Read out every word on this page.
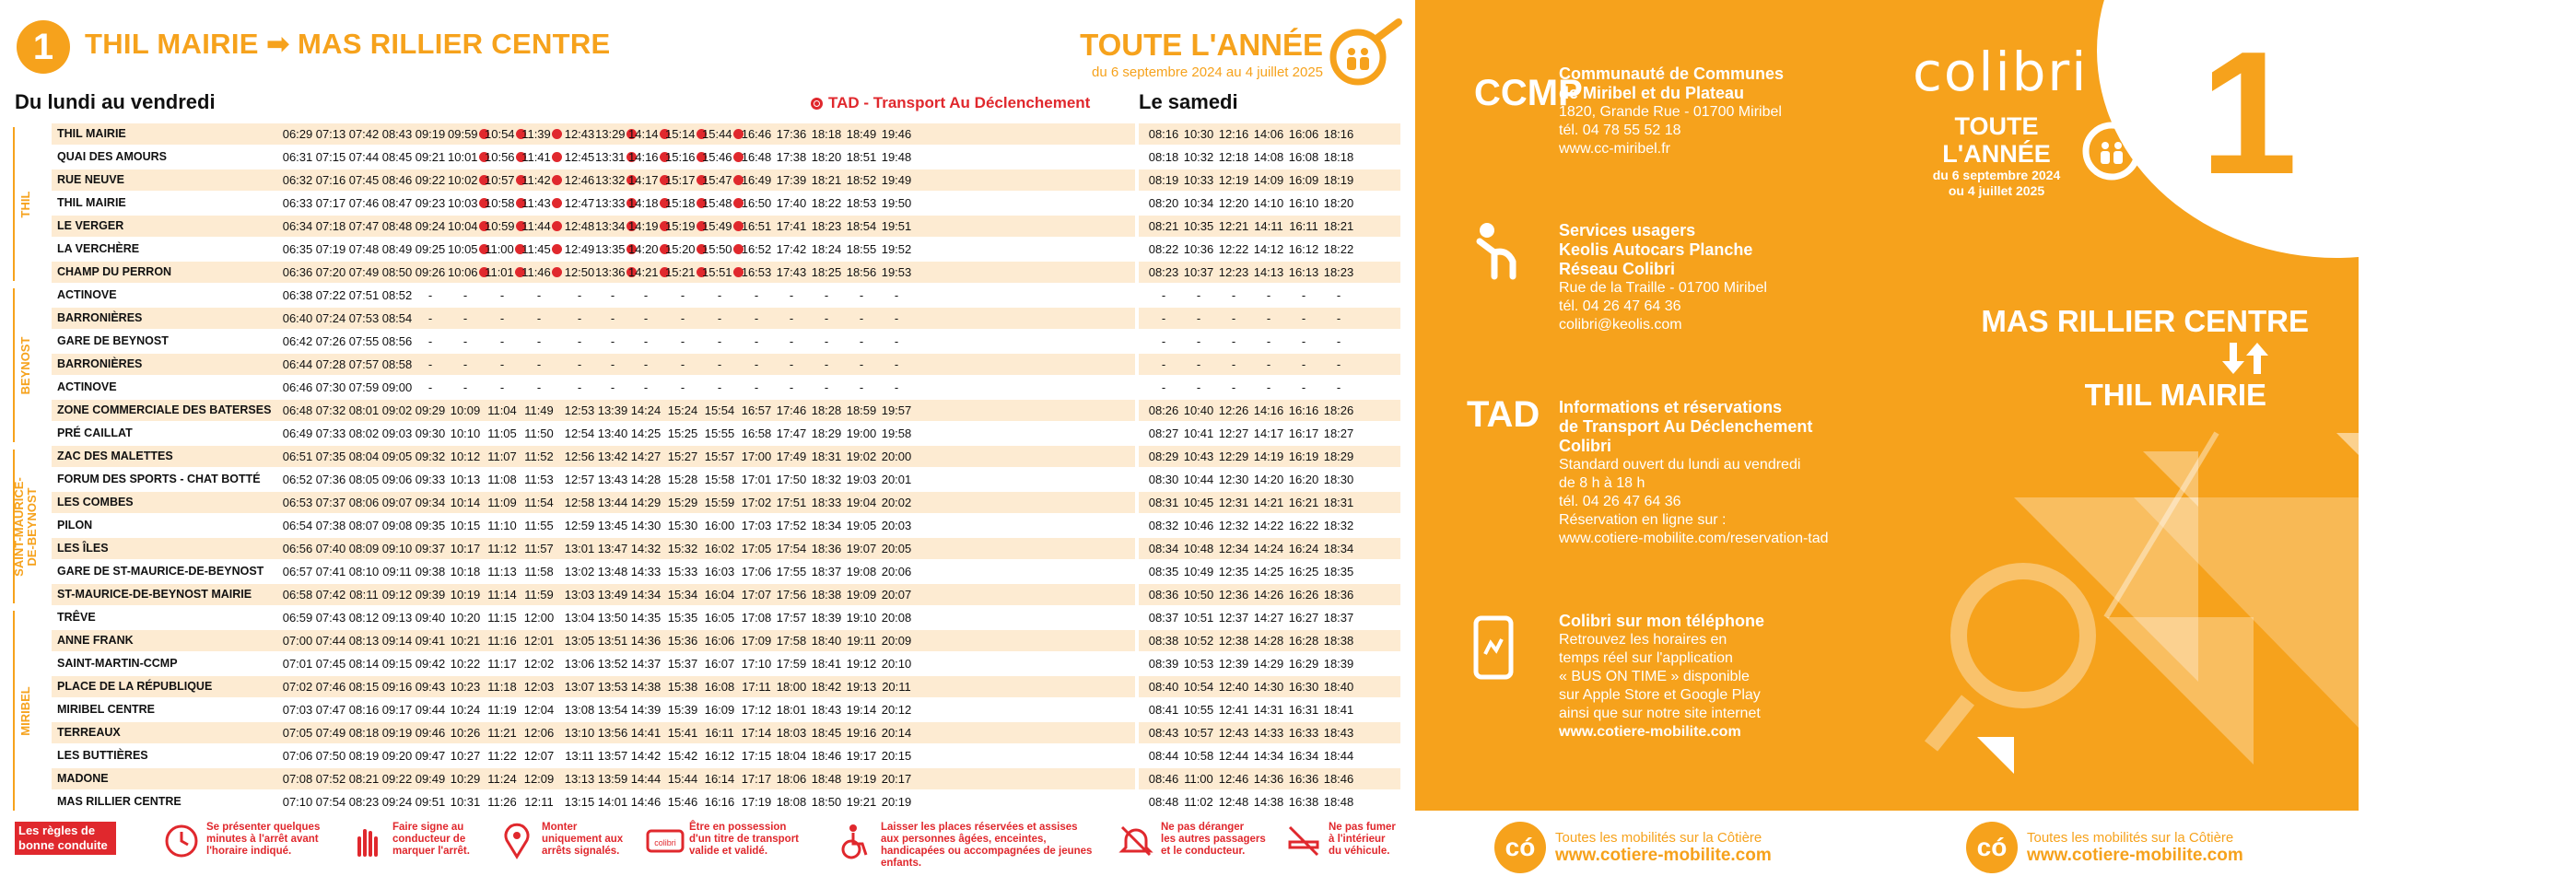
1	THIL MAIRIE ➡ MAS RILLIER CENTRE	TOUTE L'ANNÉE
du 6 septembre 2024 au 4 juillet 2025
Du lundi au vendredi	TAD - Transport Au Déclenchement Le samedi
THIL MAIRIE	06:29 07:13 07:42 08:43 09:19 09:59 10:54 11:39	12:43 13:29 14:14 15:14 15:44 16:46 17:36 18:18 18:49 19:46	08:16 10:30 12:16 14:06 16:06 18:16
QUAI DES AMOURS	06:31 07:15 07:44 08:45 09:21 10:01 10:56 11:41	12:45 13:31 14:16 15:16 15:46 16:48 17:38 18:20 18:51 19:48	08:18 10:32 12:18 14:08 16:08 18:18
RUE NEUVE	06:32 07:16 07:45 08:46 09:22 10:02 10:57 11:42	12:46 13:32 14:17 15:17 15:47 16:49 17:39 18:21 18:52 19:49	08:19 10:33 12:19 14:09 16:09 18:19
THIL MAIRIE	06:33 07:17 07:46 08:47 09:23 10:03 10:58 11:43	12:47 13:33 14:18 15:18 15:48 16:50 17:40 18:22 18:53 19:50	08:20 10:34 12:20 14:10 16:10 18:20
LE VERGER	06:34 07:18 07:47 08:48 09:24 10:04 10:59 11:44	12:48 13:34 14:19 15:19 15:49 16:51 17:41 18:23 18:54 19:51	08:21 10:35 12:21 14:11 16:11 18:21
LA VERCHÈRE	06:35 07:19 07:48 08:49 09:25 10:05 11:00 11:45	12:49 13:35 14:20 15:20 15:50 16:52 17:42 18:24 18:55 19:52	08:22 10:36 12:22 14:12 16:12 18:22
CHAMP DU PERRON	06:36 07:20 07:49 08:50 09:26 10:06 11:01 11:46	12:50 13:36 14:21 15:21 15:51 16:53 17:43 18:25 18:56 19:53	08:23 10:37 12:23 14:13 16:13 18:23
ACTINOVE	06:38 07:22 07:51 08:52	-	-	-	-	-	-	-	-	-	-	-	-	-	-	-	-	-	-	-	-
BARRONIÈRES	06:40 07:24 07:53 08:54	-	-	-	-	-	-	-	-	-	-	-	-	-	-	-	-	-	-	-	-
GARE DE BEYNOST	06:42 07:26 07:55 08:56	-	-	-	-	-	-	-	-	-	-	-	-	-	-	-	-	-	-	-	-
BARRONIÈRES	06:44 07:28 07:57 08:58	-	-	-	-	-	-	-	-	-	-	-	-	-	-	-	-	-	-	-	-
ACTINOVE	06:46 07:30 07:59 09:00	-	-	-	-	-	-	-	-	-	-	-	-	-	-	-	-	-	-	-	-
ZONE COMMERCIALE DES BATERSES 06:48 07:32 08:01 09:02 09:29 10:09 11:04 11:49 12:53 13:39 14:24 15:24 15:54 16:57 17:46 18:28 18:59 19:57	08:26 10:40 12:26 14:16 16:16 18:26
PRÉ CAILLAT	06:49 07:33 08:02 09:03 09:30 10:10 11:05 11:50 12:54 13:40 14:25 15:25 15:55 16:58 17:47 18:29 19:00 19:58	08:27 10:41 12:27 14:17 16:17 18:27
ZAC DES MALETTES	06:51 07:35 08:04 09:05 09:32 10:12 11:07 11:52 12:56 13:42 14:27 15:27 15:57 17:00 17:49 18:31 19:02 20:00	08:29 10:43 12:29 14:19 16:19 18:29
FORUM DES SPORTS - CHAT BOTTÉ 06:52 07:36 08:05 09:06 09:33 10:13 11:08 11:53 12:57 13:43 14:28 15:28 15:58 17:01 17:50 18:32 19:03 20:01	08:30 10:44 12:30 14:20 16:20 18:30
LES COMBES	06:53 07:37 08:06 09:07 09:34 10:14 11:09 11:54 12:58 13:44 14:29 15:29 15:59 17:02 17:51 18:33 19:04 20:02	08:31 10:45 12:31 14:21 16:21 18:31
PILON	06:54 07:38 08:07 09:08 09:35 10:15 11:10 11:55 12:59 13:45 14:30 15:30 16:00 17:03 17:52 18:34 19:05 20:03	08:32 10:46 12:32 14:22 16:22 18:32
LES ÎLES	06:56 07:40 08:09 09:10 09:37 10:17 11:12 11:57 13:01 13:47 14:32 15:32 16:02 17:05 17:54 18:36 19:07 20:05	08:34 10:48 12:34 14:24 16:24 18:34
GARE DE ST-MAURICE-DE-BEYNOST 06:57 07:41 08:10 09:11 09:38 10:18 11:13 11:58 13:02 13:48 14:33 15:33 16:03 17:06 17:55 18:37 19:08 20:06	08:35 10:49 12:35 14:25 16:25 18:35
ST-MAURICE-DE-BEYNOST MAIRIE	06:58 07:42 08:11 09:12 09:39 10:19 11:14 11:59 13:03 13:49 14:34 15:34 16:04 17:07 17:56 18:38 19:09 20:07	08:36 10:50 12:36 14:26 16:26 18:36
TRÊVE	06:59 07:43 08:12 09:13 09:40 10:20 11:15 12:00 13:04 13:50 14:35 15:35 16:05 17:08 17:57 18:39 19:10 20:08	08:37 10:51 12:37 14:27 16:27 18:37
ANNE FRANK	07:00 07:44 08:13 09:14 09:41 10:21 11:16 12:01 13:05 13:51 14:36 15:36 16:06 17:09 17:58 18:40 19:11 20:09	08:38 10:52 12:38 14:28 16:28 18:38
SAINT-MARTIN-CCMP	07:01 07:45 08:14 09:15 09:42 10:22 11:17 12:02 13:06 13:52 14:37 15:37 16:07 17:10 17:59 18:41 19:12 20:10	08:39 10:53 12:39 14:29 16:29 18:39
PLACE DE LA RÉPUBLIQUE	07:02 07:46 08:15 09:16 09:43 10:23 11:18 12:03 13:07 13:53 14:38 15:38 16:08 17:11 18:00 18:42 19:13 20:11	08:40 10:54 12:40 14:30 16:30 18:40
MIRIBEL CENTRE	07:03 07:47 08:16 09:17 09:44 10:24 11:19 12:04 13:08 13:54 14:39 15:39 16:09 17:12 18:01 18:43 19:14 20:12	08:41 10:55 12:41 14:31 16:31 18:41
TERREAUX	07:05 07:49 08:18 09:19 09:46 10:26 11:21 12:06 13:10 13:56 14:41 15:41 16:11 17:14 18:03 18:45 19:16 20:14	08:43 10:57 12:43 14:33 16:33 18:43
LES BUTTIÈRES	07:06 07:50 08:19 09:20 09:47 10:27 11:22 12:07 13:11 13:57 14:42 15:42 16:12 17:15 18:04 18:46 19:17 20:15	08:44 10:58 12:44 14:34 16:34 18:44
MADONE	07:08 07:52 08:21 09:22 09:49 10:29 11:24 12:09 13:13 13:59 14:44 15:44 16:14 17:17 18:06 18:48 19:19 20:17	08:46 11:00 12:46 14:36 16:36 18:46
MAS RILLIER CENTRE	07:10 07:54 08:23 09:24 09:51 10:31 11:26 12:11 13:15 14:01 14:46 15:46 16:16 17:19 18:08 18:50 19:21 20:19	08:48 11:02 12:48 14:38 16:38 18:48
THIL
BEYNOST
SAINT-MAURICE-
DE-BEYNOST
MIRIBEL
Les règles de bonne conduite
Se présenter quelques
minutes à l'arrêt avant
l'horaire indiqué.
Faire signe au
conducteur de
marquer l'arrêt.
Monter
uniquement aux
arrêts signalés.
colibri
Être en possession
d'un titre de transport
valide et validé.
Laisser les places réservées et assises
aux personnes âgées, enceintes,
handicapées ou accompagnées de jeunes
enfants.
Ne pas déranger
les autres passagers
et le conducteur.
Ne pas fumer
à l'intérieur
du véhicule.
1
colibri
TOUTE
L'ANNÉE
du 6 septembre 2024
ou 4 juillet 2025
CCMP
Communauté de Communes
de Miribel et du Plateau
1820, Grande Rue - 01700 Miribel
tél. 04 78 55 52 18
www.cc-miribel.fr
Services usagers
Keolis Autocars Planche
Réseau Colibri
Rue de la Traille - 01700 Miribel
tél. 04 26 47 64 36
colibri@keolis.com
TAD Informations et réservations
de Transport Au Déclenchement
Colibri
Standard ouvert du lundi au vendredi
de 8 h à 18 h
tél. 04 26 47 64 36
Réservation en ligne sur :
www.cotiere-mobilite.com/reservation-tad
Colibri sur mon téléphone
Retrouvez les horaires en
temps réel sur l'application
« BUS ON TIME » disponible
sur Apple Store et Google Play
ainsi que sur notre site internet
www.cotiere-mobilite.com
MAS RILLIER CENTRE
THIL MAIRIE
có	Toutes les mobilités sur la Côtière
www.cotiere-mobilite.com	có	Toutes les mobilités sur la Côtière
www.cotiere-mobilite.com
